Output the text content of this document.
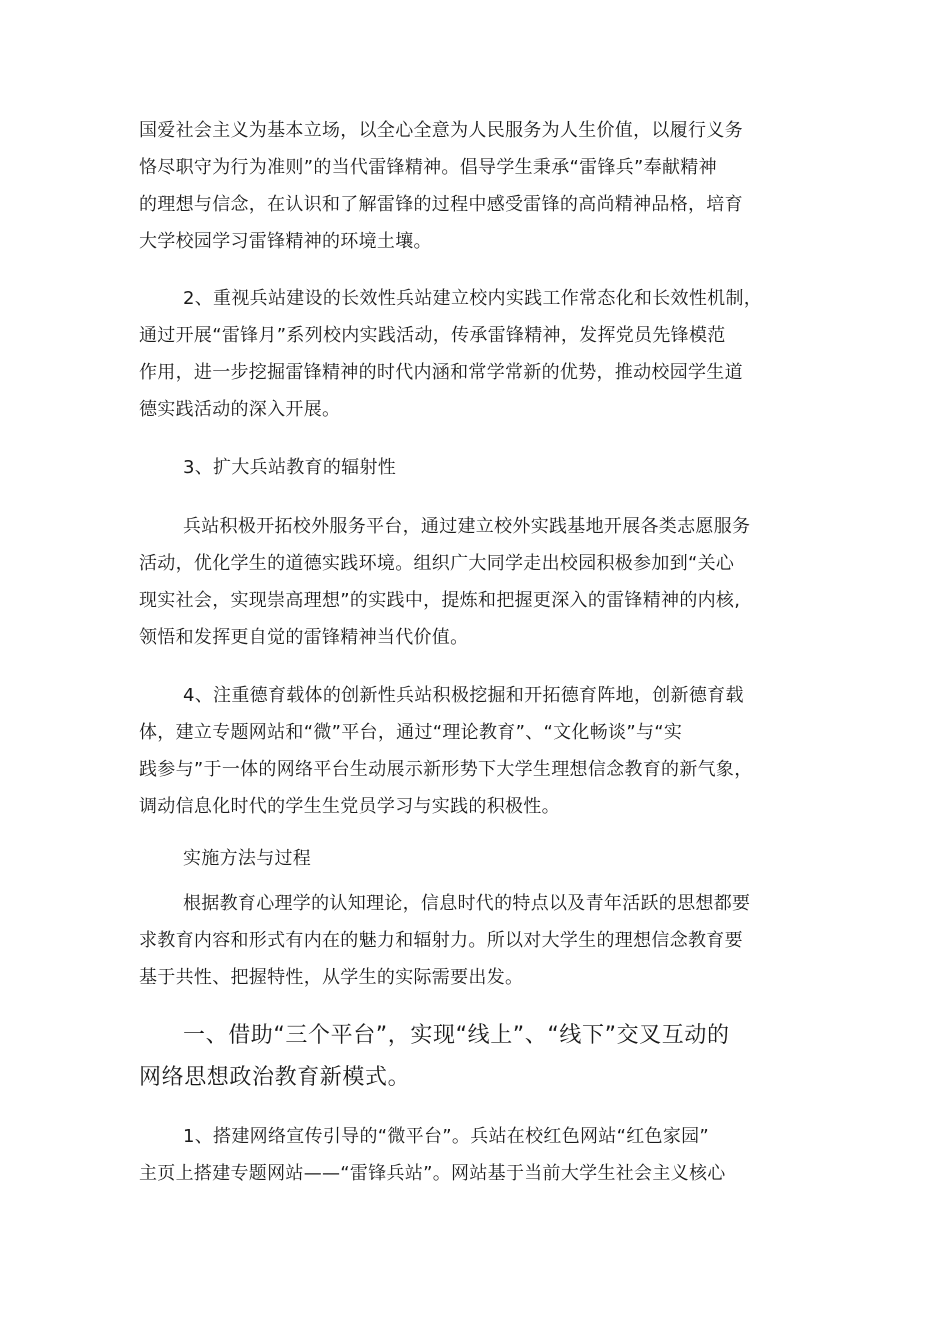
国爱社会主义为基本立场，以全心全意为人民服务为人生价值，以履行义务
恪尽职守为行为准则”的当代雷锋精神。倡导学生秉承“雷锋兵”奉献精神
的理想与信念，在认识和了解雷锋的过程中感受雷锋的高尚精神品格，培育
大学校园学习雷锋精神的环境土壤。
2、重视兵站建设的长效性兵站建立校内实践工作常态化和长效性机制，
通过开展“雷锋月”系列校内实践活动，传承雷锋精神，发挥党员先锋模范
作用，进一步挖掘雷锋精神的时代内涵和常学常新的优势，推动校园学生道
德实践活动的深入开展。
3、扩大兵站教育的辐射性
兵站积极开拓校外服务平台，通过建立校外实践基地开展各类志愿服务
活动，优化学生的道德实践环境。组织广大同学走出校园积极参加到“关心
现实社会，实现崇高理想”的实践中，提炼和把握更深入的雷锋精神的内核,
领悟和发挥更自觉的雷锋精神当代价值。
4、注重德育载体的创新性兵站积极挖掘和开拓德育阵地，创新德育载
体，建立专题网站和“微”平台，通过“理论教育”、“文化畅谈”与“实
践参与”于一体的网络平台生动展示新形势下大学生理想信念教育的新气象，
调动信息化时代的学生生党员学习与实践的积极性。
实施方法与过程
根据教育心理学的认知理论，信息时代的特点以及青年活跃的思想都要
求教育内容和形式有内在的魅力和辐射力。所以对大学生的理想信念教育要
基于共性、把握特性，从学生的实际需要出发。
一、借助“三个平台”，实现“线上”、“线下”交叉互动的
网络思想政治教育新模式。
1、搭建网络宣传引导的“微平台”。兵站在校红色网站“红色家园”
主页上搭建专题网站——“雷锋兵站”。网站基于当前大学生社会主义核心
